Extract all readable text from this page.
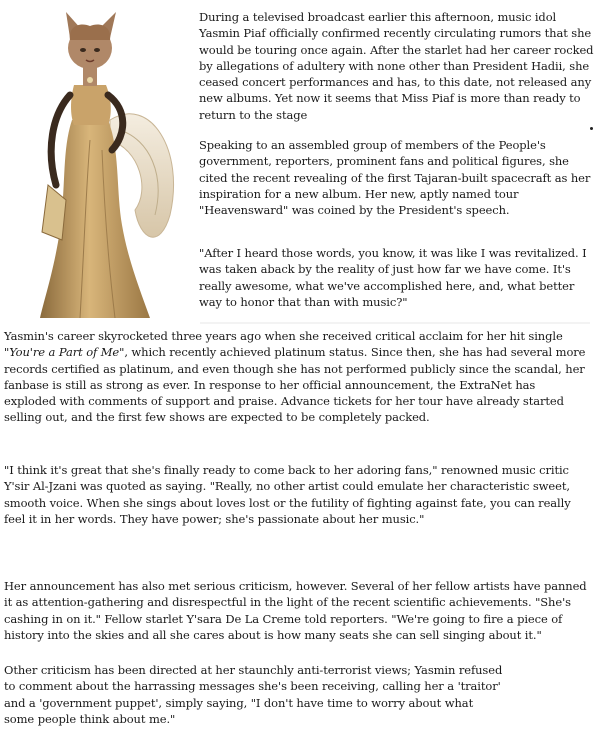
During a televised broadcast earlier this afternoon, music idol Yasmin Piaf officially confirmed recently circulating rumors that she would be touring once again. After the starlet had her career rocked by allegations of adultery with none other than President Hadii, she ceased concert performances and has, to this date, not released any new albums. Yet now it seems that Miss Piaf is more than ready to return to the stage

Speaking to an assembled group of members of the People's government, reporters, prominent fans and political figures, she cited the recent revealing of the first Tajaran-built spacecraft as her inspiration for a new album. Her new, aptly named tour "Heavensward" was coined by the President's speech.

"After I heard those words, you know, it was like I was revitalized. I was taken aback by the reality of just how far we have come. It's really awesome, what we've accomplished here, and, what better way to honor that than with music?"

Yasmin's career skyrocketed three years ago when she received critical acclaim for her hit single "You're a Part of Me", which recently achieved platinum status. Since then, she has had several more records certified as platinum, and even though she has not performed publicly since the scandal, her fanbase is still as strong as ever. In response to her official announcement, the ExtraNet has exploded with comments of support and praise. Advance tickets for her tour have already started selling out, and the first few shows are expected to be completely packed.

"I think it's great that she's finally ready to come back to her adoring fans," renowned music critic Y'sir Al-Jzani was quoted as saying. "Really, no other artist could emulate her characteristic sweet, smooth voice. When she sings about loves lost or the futility of fighting against fate, you can really feel it in her words. They have power; she's passionate about her music."

Her announcement has also met serious criticism, however. Several of her fellow artists have panned it as attention-gathering and disrespectful in the light of the recent scientific achievements. "She's cashing in on it." Fellow starlet Y'sara De La Creme told reporters. "We're going to fire a piece of history into the skies and all she cares about is how many seats she can sell singing about it."

Other criticism has been directed at her staunchly anti-terrorist views; Yasmin refused to comment about the harrassing messages she's been receiving, calling her a 'traitor' and a 'government puppet', simply saying, "I don't have time to worry about what some people think about me."
